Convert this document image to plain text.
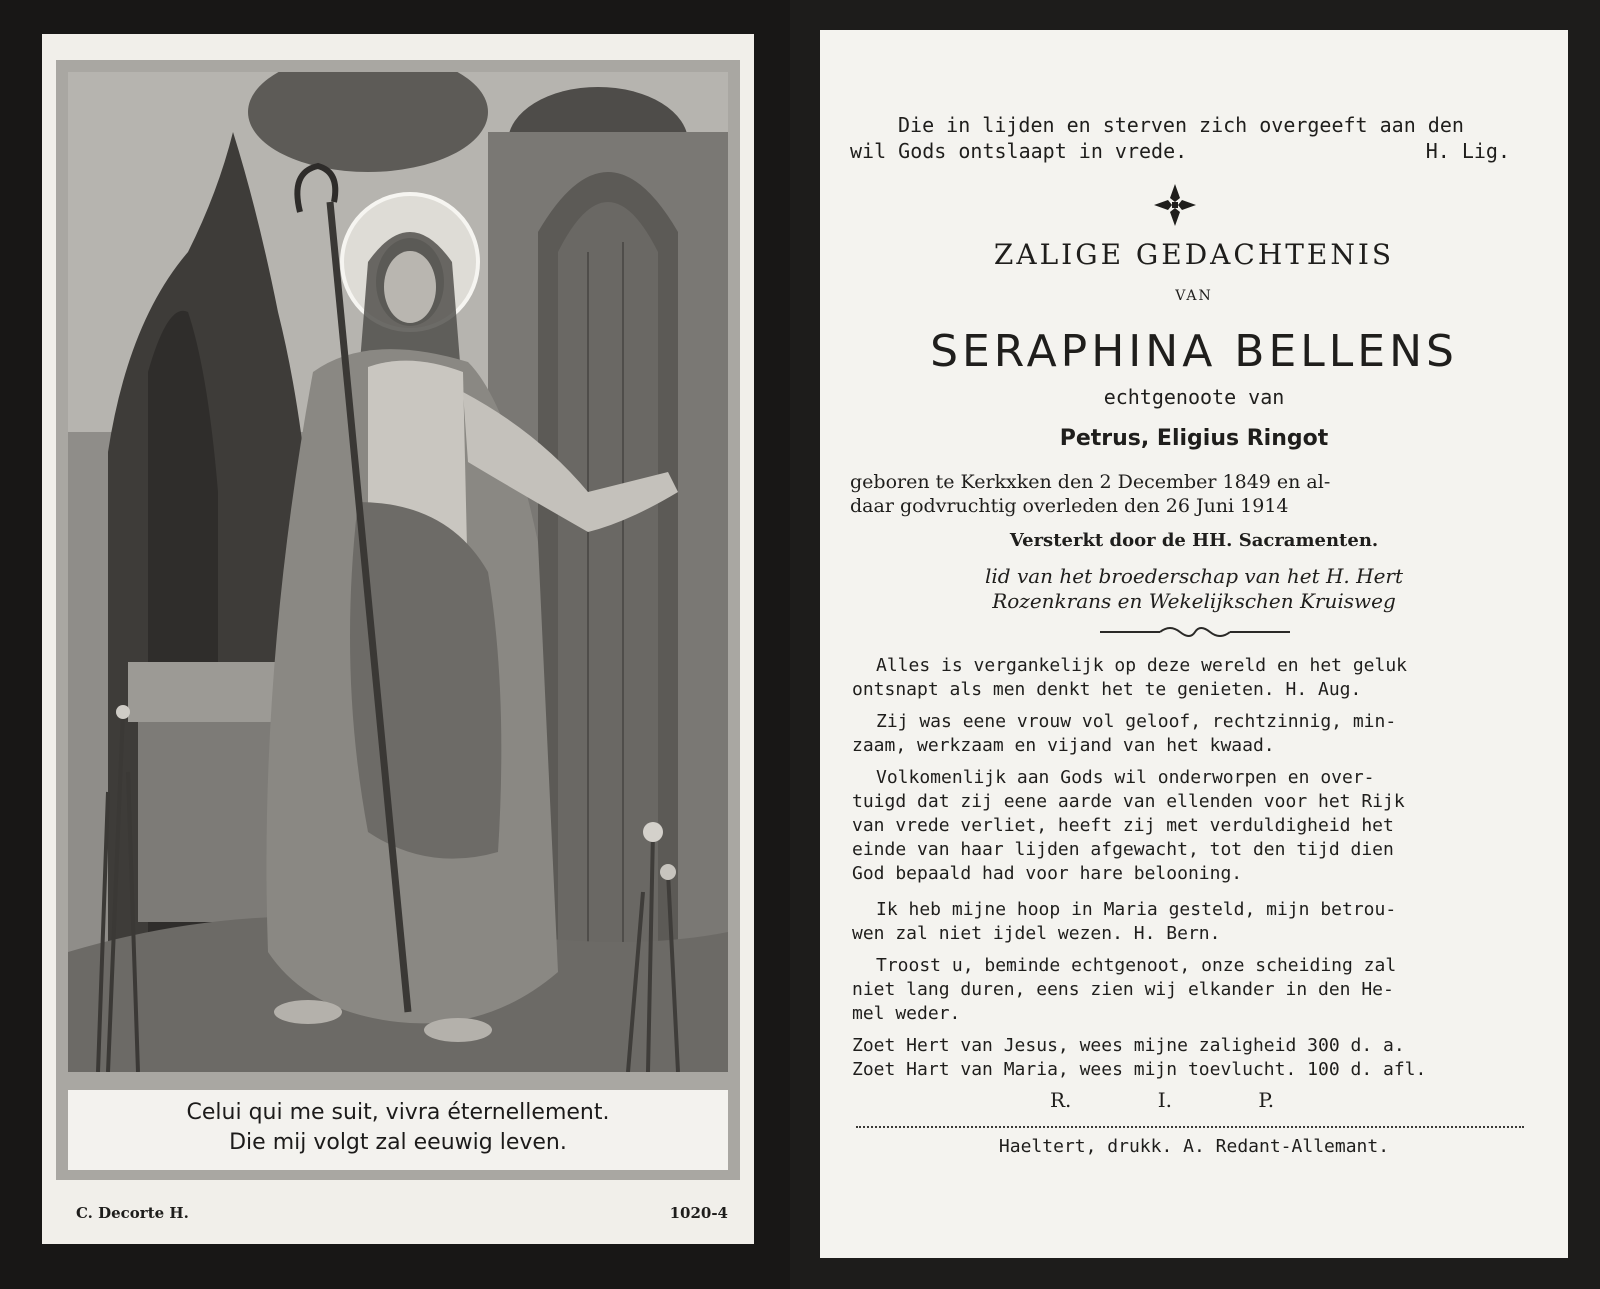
Celui qui me suit, vivra éternellement.
Die mij volgt zal eeuwig leven.
C. Decorte H.	1020-4
Die in lijden en sterven zich overgeeft aan den
wil Gods ontslaapt in vrede.	H. Lig.
ZALIGE GEDACHTENIS
VAN
SERAPHINA BELLENS
echtgenoote van
Petrus, Eligius Ringot
geboren te Kerkxken den 2 December 1849 en al-
daar godvruchtig overleden den 26 Juni 1914
Versterkt door de HH. Sacramenten.
lid van het broederschap van het H. Hert
Rozenkrans en Wekelijkschen Kruisweg
Alles is vergankelijk op deze wereld en het geluk
ontsnapt als men denkt het te genieten. H. Aug.
Zij was eene vrouw vol geloof, rechtzinnig, min-
zaam, werkzaam en vijand van het kwaad.
Volkomenlijk aan Gods wil onderworpen en over-
tuigd dat zij eene aarde van ellenden voor het Rijk
van vrede verliet, heeft zij met verduldigheid het
einde van haar lijden afgewacht, tot den tijd dien
God bepaald had voor hare belooning.
Ik heb mijne hoop in Maria gesteld, mijn betrou-
wen zal niet ijdel wezen. H. Bern.
Troost u, beminde echtgenoot, onze scheiding zal
niet lang duren, eens zien wij elkander in den He-
mel weder.
Zoet Hert van Jesus, wees mijne zaligheid 300 d. a.
Zoet Hart van Maria, wees mijn toevlucht. 100 d. afl.
R. I. P.
Haeltert, drukk. A. Redant-Allemant.
